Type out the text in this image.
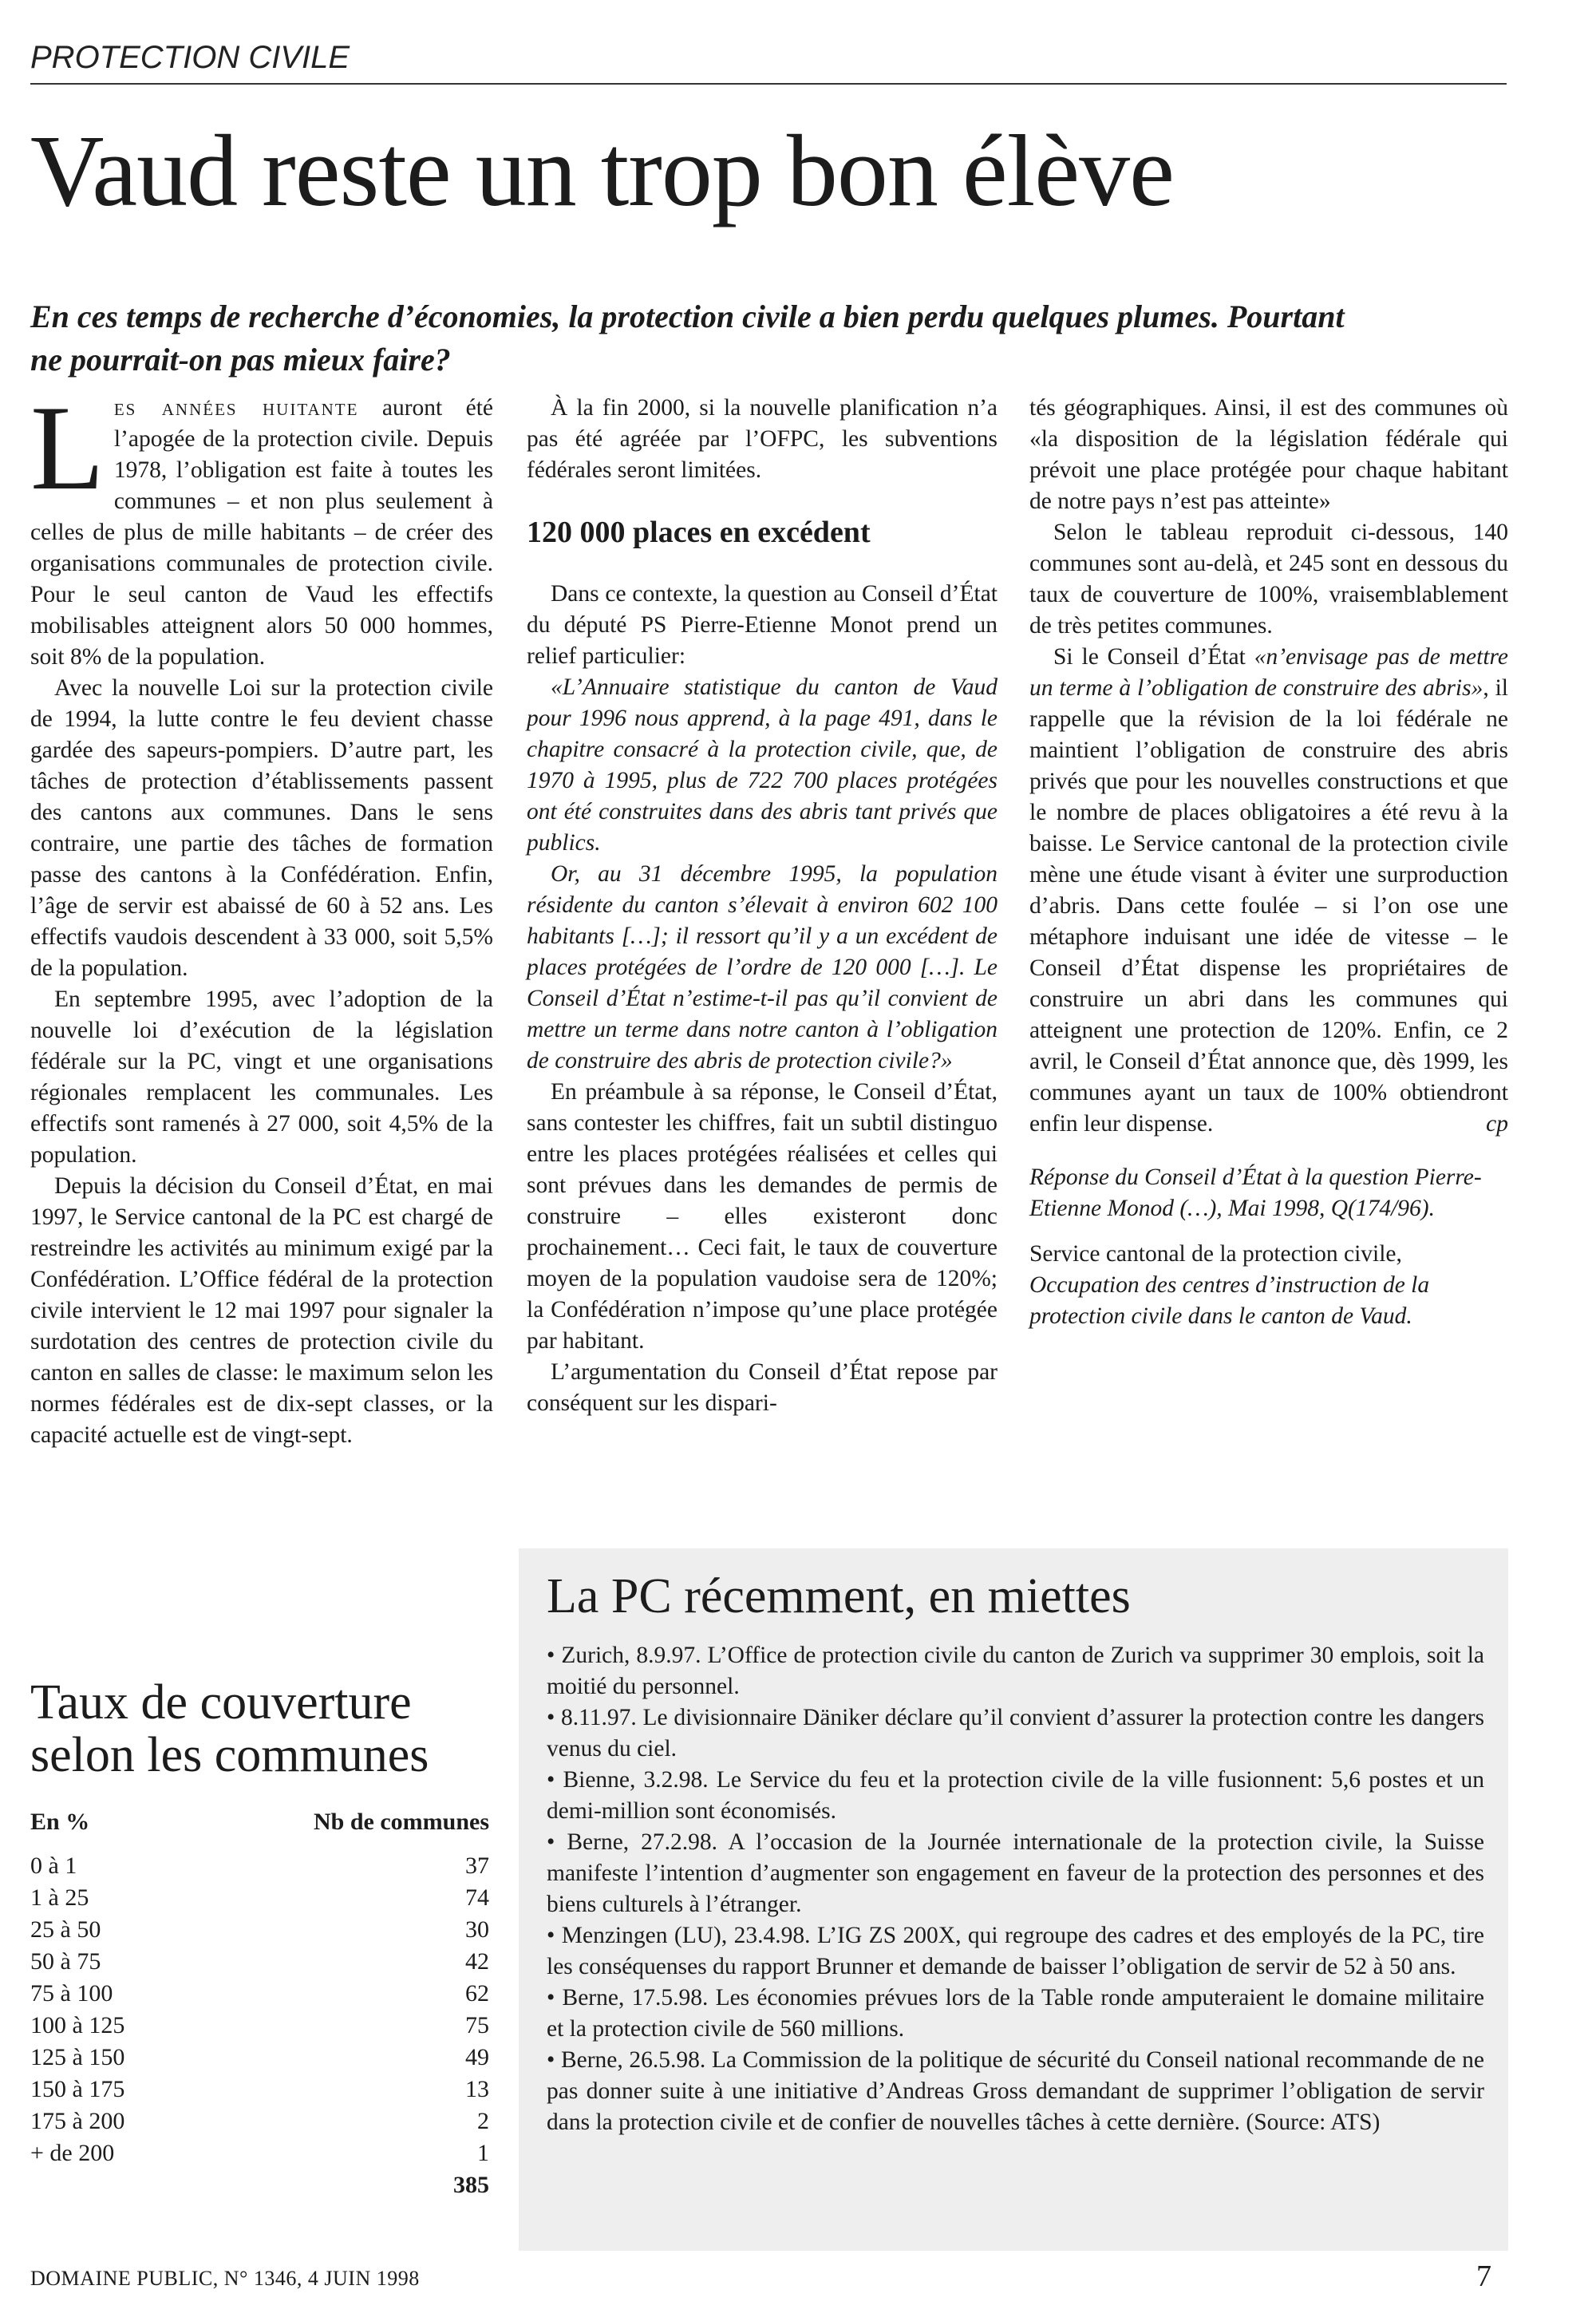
PROTECTION CIVILE
Vaud reste un trop bon élève
En ces temps de recherche d’économies, la protection civile a bien perdu quelques plumes. Pourtant ne pourrait-on pas mieux faire?

Les années huitante auront été l’apogée de la protection civile. Depuis 1978, l’obligation est faite à toutes les communes – et non plus seulement à celles de plus de mille habitants – de créer des organisations communales de protection civile. Pour le seul canton de Vaud les effectifs mobilisables atteignent alors 50 000 hommes, soit 8% de la population.

Avec la nouvelle Loi sur la protection civile de 1994, la lutte contre le feu devient chasse gardée des sapeurs-pompiers. D’autre part, les tâches de protection d’établissements passent des cantons aux communes. Dans le sens contraire, une partie des tâches de formation passe des cantons à la Confédération. Enfin, l’âge de servir est abaissé de 60 à 52 ans. Les effectifs vaudois descendent à 33 000, soit 5,5% de la population.

En septembre 1995, avec l’adoption de la nouvelle loi d’exécution de la législation fédérale sur la PC, vingt et une organisations régionales remplacent les communales. Les effectifs sont ramenés à 27 000, soit 4,5% de la population.

Depuis la décision du Conseil d’État, en mai 1997, le Service cantonal de la PC est chargé de restreindre les activités au minimum exigé par la Confédération. L’Office fédéral de la protection civile intervient le 12 mai 1997 pour signaler la surdotation des centres de protection civile du canton en salles de classe: le maximum selon les normes fédérales est de dix-sept classes, or la capacité actuelle est de vingt-sept.

À la fin 2000, si la nouvelle planification n’a pas été agréée par l’OFPC, les subventions fédérales seront limitées.

120 000 places en excédent

Dans ce contexte, la question au Conseil d’État du député PS Pierre-Etienne Monot prend un relief particulier:

«L’Annuaire statistique du canton de Vaud pour 1996 nous apprend, à la page 491, dans le chapitre consacré à la protection civile, que, de 1970 à 1995, plus de 722 700 places protégées ont été construites dans des abris tant privés que publics.

Or, au 31 décembre 1995, la population résidente du canton s’élevait à environ 602 100 habitants […]; il ressort qu’il y a un excédent de places protégées de l’ordre de 120 000 […]. Le Conseil d’État n’estime-t-il pas qu’il convient de mettre un terme dans notre canton à l’obligation de construire des abris de protection civile?»

En préambule à sa réponse, le Conseil d’État, sans contester les chiffres, fait un subtil distinguo entre les places protégées réalisées et celles qui sont prévues dans les demandes de permis de construire – elles existeront donc prochainement… Ceci fait, le taux de couverture moyen de la population vaudoise sera de 120%; la Confédération n’impose qu’une place protégée par habitant.

L’argumentation du Conseil d’État repose par conséquent sur les dispari-

tés géographiques. Ainsi, il est des communes où «la disposition de la législation fédérale qui prévoit une place protégée pour chaque habitant de notre pays n’est pas atteinte»

Selon le tableau reproduit ci-dessous, 140 communes sont au-delà, et 245 sont en dessous du taux de couverture de 100%, vraisemblablement de très petites communes.

Si le Conseil d’État «n’envisage pas de mettre un terme à l’obligation de construire des abris», il rappelle que la révision de la loi fédérale ne maintient l’obligation de construire des abris privés que pour les nouvelles constructions et que le nombre de places obligatoires a été revu à la baisse. Le Service cantonal de la protection civile mène une étude visant à éviter une surproduction d’abris. Dans cette foulée – si l’on ose une métaphore induisant une idée de vitesse – le Conseil d’État dispense les propriétaires de construire un abri dans les communes qui atteignent une protection de 120%. Enfin, ce 2 avril, le Conseil d’État annonce que, dès 1999, les communes ayant un taux de 100% obtiendront enfin leur dispense.	cp

Réponse du Conseil d’État à la question Pierre-Etienne Monod (…), Mai 1998, Q(174/96).

Service cantonal de la protection civile, Occupation des centres d’instruction de la protection civile dans le canton de Vaud.

Taux de couverture
selon les communes
En %	Nb de communes
0 à 1	37
1 à 25	74
25 à 50	30
50 à 75	42
75 à 100	62
100 à 125	75
125 à 150	49
150 à 175	13
175 à 200	2
+ de 200	1
385
La PC récemment, en miettes
• Zurich, 8.9.97. L’Office de protection civile du canton de Zurich va supprimer 30 emplois, soit la moitié du personnel.
• 8.11.97. Le divisionnaire Däniker déclare qu’il convient d’assurer la protection contre les dangers venus du ciel.
• Bienne, 3.2.98. Le Service du feu et la protection civile de la ville fusionnent: 5,6 postes et un demi-million sont économisés.
• Berne, 27.2.98. A l’occasion de la Journée internationale de la protection civile, la Suisse manifeste l’intention d’augmenter son engagement en faveur de la protection des personnes et des biens culturels à l’étranger.
• Menzingen (LU), 23.4.98. L’IG ZS 200X, qui regroupe des cadres et des employés de la PC, tire les conséquenses du rapport Brunner et demande de baisser l’obligation de servir de 52 à 50 ans.
• Berne, 17.5.98. Les économies prévues lors de la Table ronde amputeraient le domaine militaire et la protection civile de 560 millions.
• Berne, 26.5.98. La Commission de la politique de sécurité du Conseil national recommande de ne pas donner suite à une initiative d’Andreas Gross demandant de supprimer l’obligation de servir dans la protection civile et de confier de nouvelles tâches à cette dernière. (Source: ATS)
DOMAINE PUBLIC, N° 1346, 4 JUIN 1998	7
